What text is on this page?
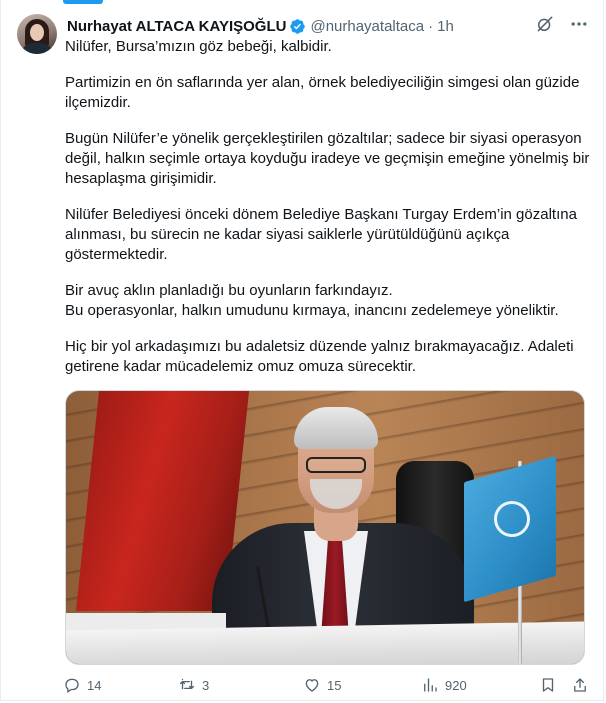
Nurhayat ALTACA KAYIŞOĞLU @nurhayataltaca · 1h

Nilüfer, Bursa’mızın göz bebeği, kalbidir.

Partimizin en ön saflarında yer alan, örnek belediyeciliğin simgesi olan güzide

ilçemizdir.

Bugün Nilüfer’e yönelik gerçekleştirilen gözaltılar; sadece bir siyasi operasyon

değil, halkın seçimle ortaya koyduğu iradeye ve geçmişin emeğine yönelmiş bir

hesaplaşma girişimidir.

Nilüfer Belediyesi önceki dönem Belediye Başkanı Turgay Erdem’in gözaltına

alınması, bu sürecin ne kadar siyasi saiklerle yürütüldüğünü açıkça

göstermektedir.

Bir avuç aklın planladığı bu oyunların farkındayız.

Bu operasyonlar, halkın umudunu kırmaya, inancını zedelemeye yöneliktir.

Hiç bir yol arkadaşımızı bu adaletsiz düzende yalnız bırakmayacağız. Adaleti

getirene kadar mücadelemiz omuz omuza sürecektir.

14	3	15	920
